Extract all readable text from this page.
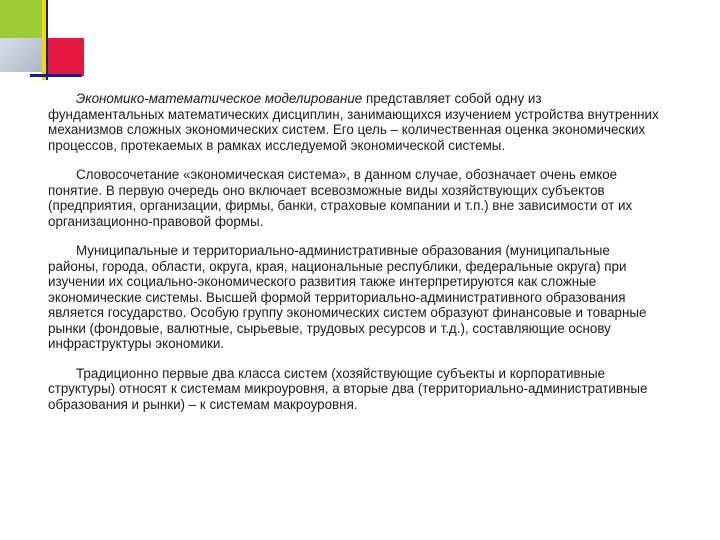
Экономико-математическое моделирование представляет собой одну из фундаментальных математических дисциплин, занимающихся изучением устройства внутренних механизмов сложных экономических систем. Его цель – количественная оценка экономических процессов, протекаемых в рамках исследуемой экономической системы.

Словосочетание «экономическая система», в данном случае, обозначает очень емкое понятие. В первую очередь оно включает всевозможные виды хозяйствующих субъектов (предприятия, организации, фирмы, банки, страховые компании и т.п.) вне зависимости от их организационно-правовой формы.

Муниципальные и территориально-административные образования (муниципальные районы, города, области, округа, края, национальные республики, федеральные округа) при изучении их социально-экономического развития также интерпретируются как сложные экономические системы. Высшей формой территориально-административного образования является государство. Особую группу экономических систем образуют финансовые и товарные рынки (фондовые, валютные, сырьевые, трудовых ресурсов и т.д.), составляющие основу инфраструктуры экономики.

Традиционно первые два класса систем (хозяйствующие субъекты и корпоративные структуры) относят к системам микроуровня, а вторые два (территориально-административные образования и рынки) – к системам макроуровня.
